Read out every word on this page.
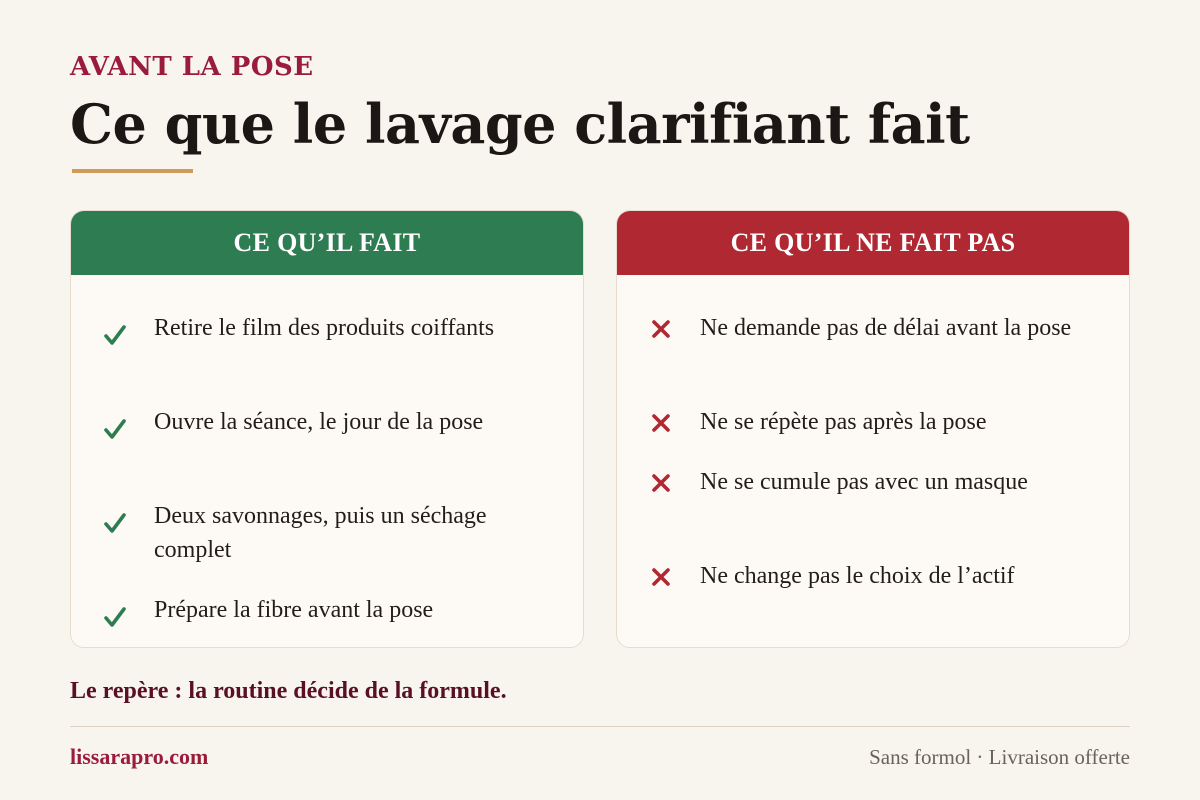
AVANT LA POSE
Ce que le lavage clarifiant fait
CE QU’IL FAIT
Retire le film des produits coiffants
Ouvre la séance, le jour de la pose
Deux savonnages, puis un séchage complet
Prépare la fibre avant la pose
CE QU’IL NE FAIT PAS
Ne demande pas de délai avant la pose
Ne se répète pas après la pose
Ne se cumule pas avec un masque
Ne change pas le choix de l’actif
Le repère : la routine décide de la formule.
lissarapro.com	Sans formol · Livraison offerte
